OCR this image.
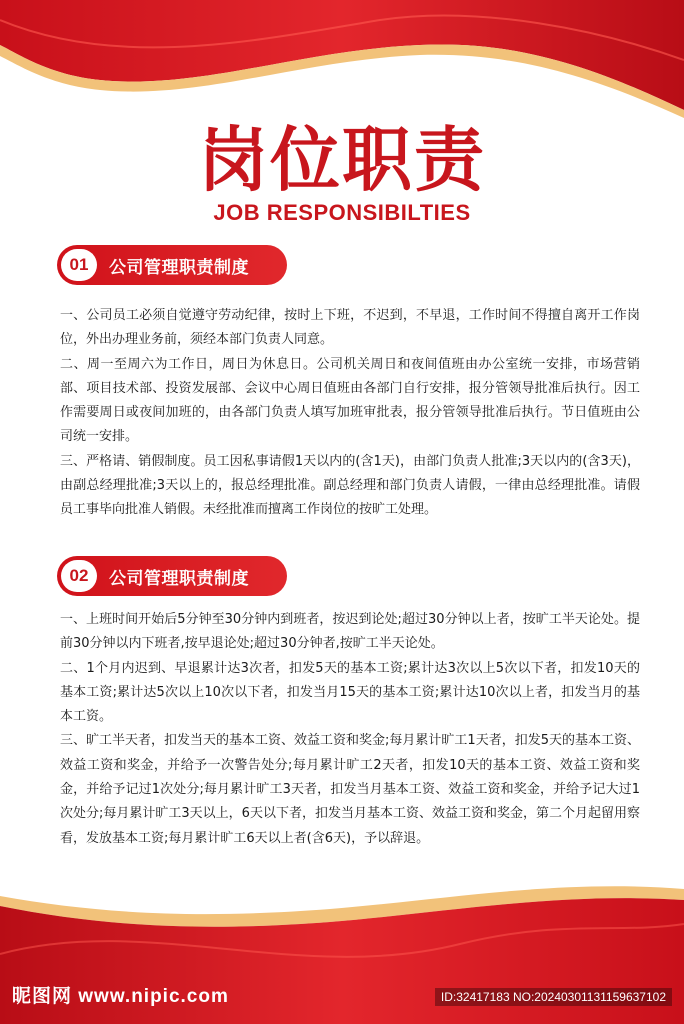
岗位职责
JOB RESPONSIBILTIES
01	公司管理职责制度

一、公司员工必须自觉遵守劳动纪律，按时上下班，不迟到，不早退，工作时间不得擅自离开工作岗位，外出办理业务前，须经本部门负责人同意。

二、周一至周六为工作日，周日为休息日。公司机关周日和夜间值班由办公室统一安排，市场营销部、项目技术部、投资发展部、会议中心周日值班由各部门自行安排，报分管领导批准后执行。因工作需要周日或夜间加班的，由各部门负责人填写加班审批表，报分管领导批准后执行。节日值班由公司统一安排。

三、严格请、销假制度。员工因私事请假1天以内的(含1天)，由部门负责人批准;3天以内的(含3天)，由副总经理批准;3天以上的，报总经理批准。副总经理和部门负责人请假，一律由总经理批准。请假员工事毕向批准人销假。未经批准而擅离工作岗位的按旷工处理。

02	公司管理职责制度

一、上班时间开始后5分钟至30分钟内到班者，按迟到论处;超过30分钟以上者，按旷工半天论处。提前30分钟以内下班者,按早退论处;超过30分钟者,按旷工半天论处。

二、1个月内迟到、早退累计达3次者，扣发5天的基本工资;累计达3次以上5次以下者，扣发10天的基本工资;累计达5次以上10次以下者，扣发当月15天的基本工资;累计达10次以上者，扣发当月的基本工资。

三、旷工半天者，扣发当天的基本工资、效益工资和奖金;每月累计旷工1天者，扣发5天的基本工资、效益工资和奖金，并给予一次警告处分;每月累计旷工2天者，扣发10天的基本工资、效益工资和奖金，并给予记过1次处分;每月累计旷工3天者，扣发当月基本工资、效益工资和奖金，并给予记大过1次处分;每月累计旷工3天以上，6天以下者，扣发当月基本工资、效益工资和奖金，第二个月起留用察看，发放基本工资;每月累计旷工6天以上者(含6天)，予以辞退。

昵图网 www.nipic.com	ID:32417183 NO:20240301131159637102
